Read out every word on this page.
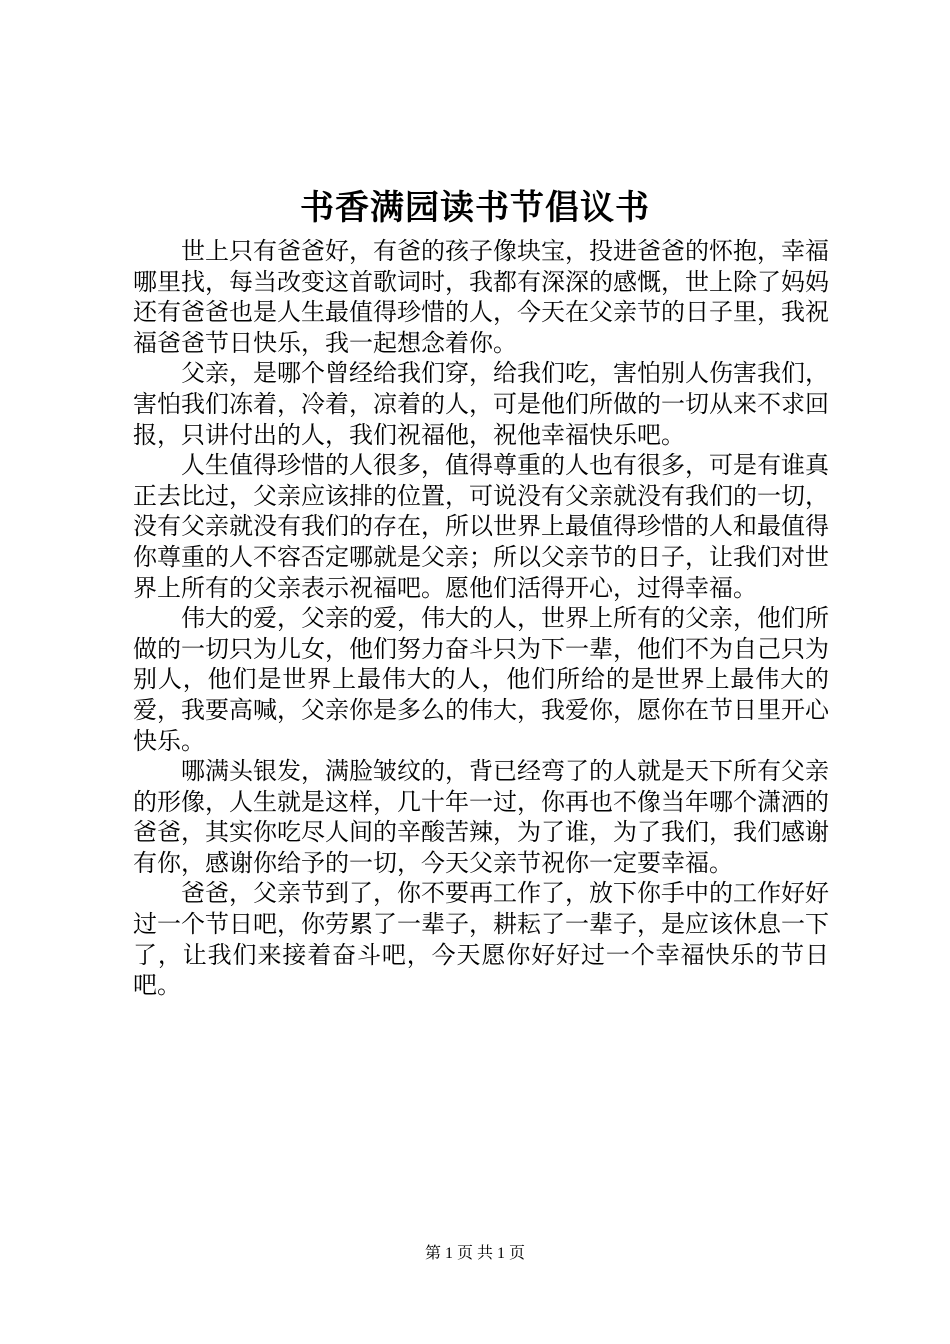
书香满园读书节倡议书

世上只有爸爸好，有爸的孩子像块宝，投进爸爸的怀抱，幸福哪里找，每当改变这首歌词时，我都有深深的感慨，世上除了妈妈还有爸爸也是人生最值得珍惜的人，今天在父亲节的日子里，我祝福爸爸节日快乐，我一起想念着你。

父亲，是哪个曾经给我们穿，给我们吃，害怕别人伤害我们，害怕我们冻着，冷着，凉着的人，可是他们所做的一切从来不求回报，只讲付出的人，我们祝福他，祝他幸福快乐吧。

人生值得珍惜的人很多，值得尊重的人也有很多，可是有谁真正去比过，父亲应该排的位置，可说没有父亲就没有我们的一切，没有父亲就没有我们的存在，所以世界上最值得珍惜的人和最值得你尊重的人不容否定哪就是父亲；所以父亲节的日子，让我们对世界上所有的父亲表示祝福吧。愿他们活得开心，过得幸福。

伟大的爱，父亲的爱，伟大的人，世界上所有的父亲，他们所做的一切只为儿女，他们努力奋斗只为下一辈，他们不为自己只为别人，他们是世界上最伟大的人，他们所给的是世界上最伟大的爱，我要高喊，父亲你是多么的伟大，我爱你，愿你在节日里开心快乐。

哪满头银发，满脸皱纹的，背已经弯了的人就是天下所有父亲的形像，人生就是这样，几十年一过，你再也不像当年哪个潇洒的爸爸，其实你吃尽人间的辛酸苦辣，为了谁，为了我们，我们感谢有你，感谢你给予的一切，今天父亲节祝你一定要幸福。

爸爸，父亲节到了，你不要再工作了，放下你手中的工作好好过一个节日吧，你劳累了一辈子，耕耘了一辈子，是应该休息一下了，让我们来接着奋斗吧，今天愿你好好过一个幸福快乐的节日吧。

第 1 页 共 1 页
